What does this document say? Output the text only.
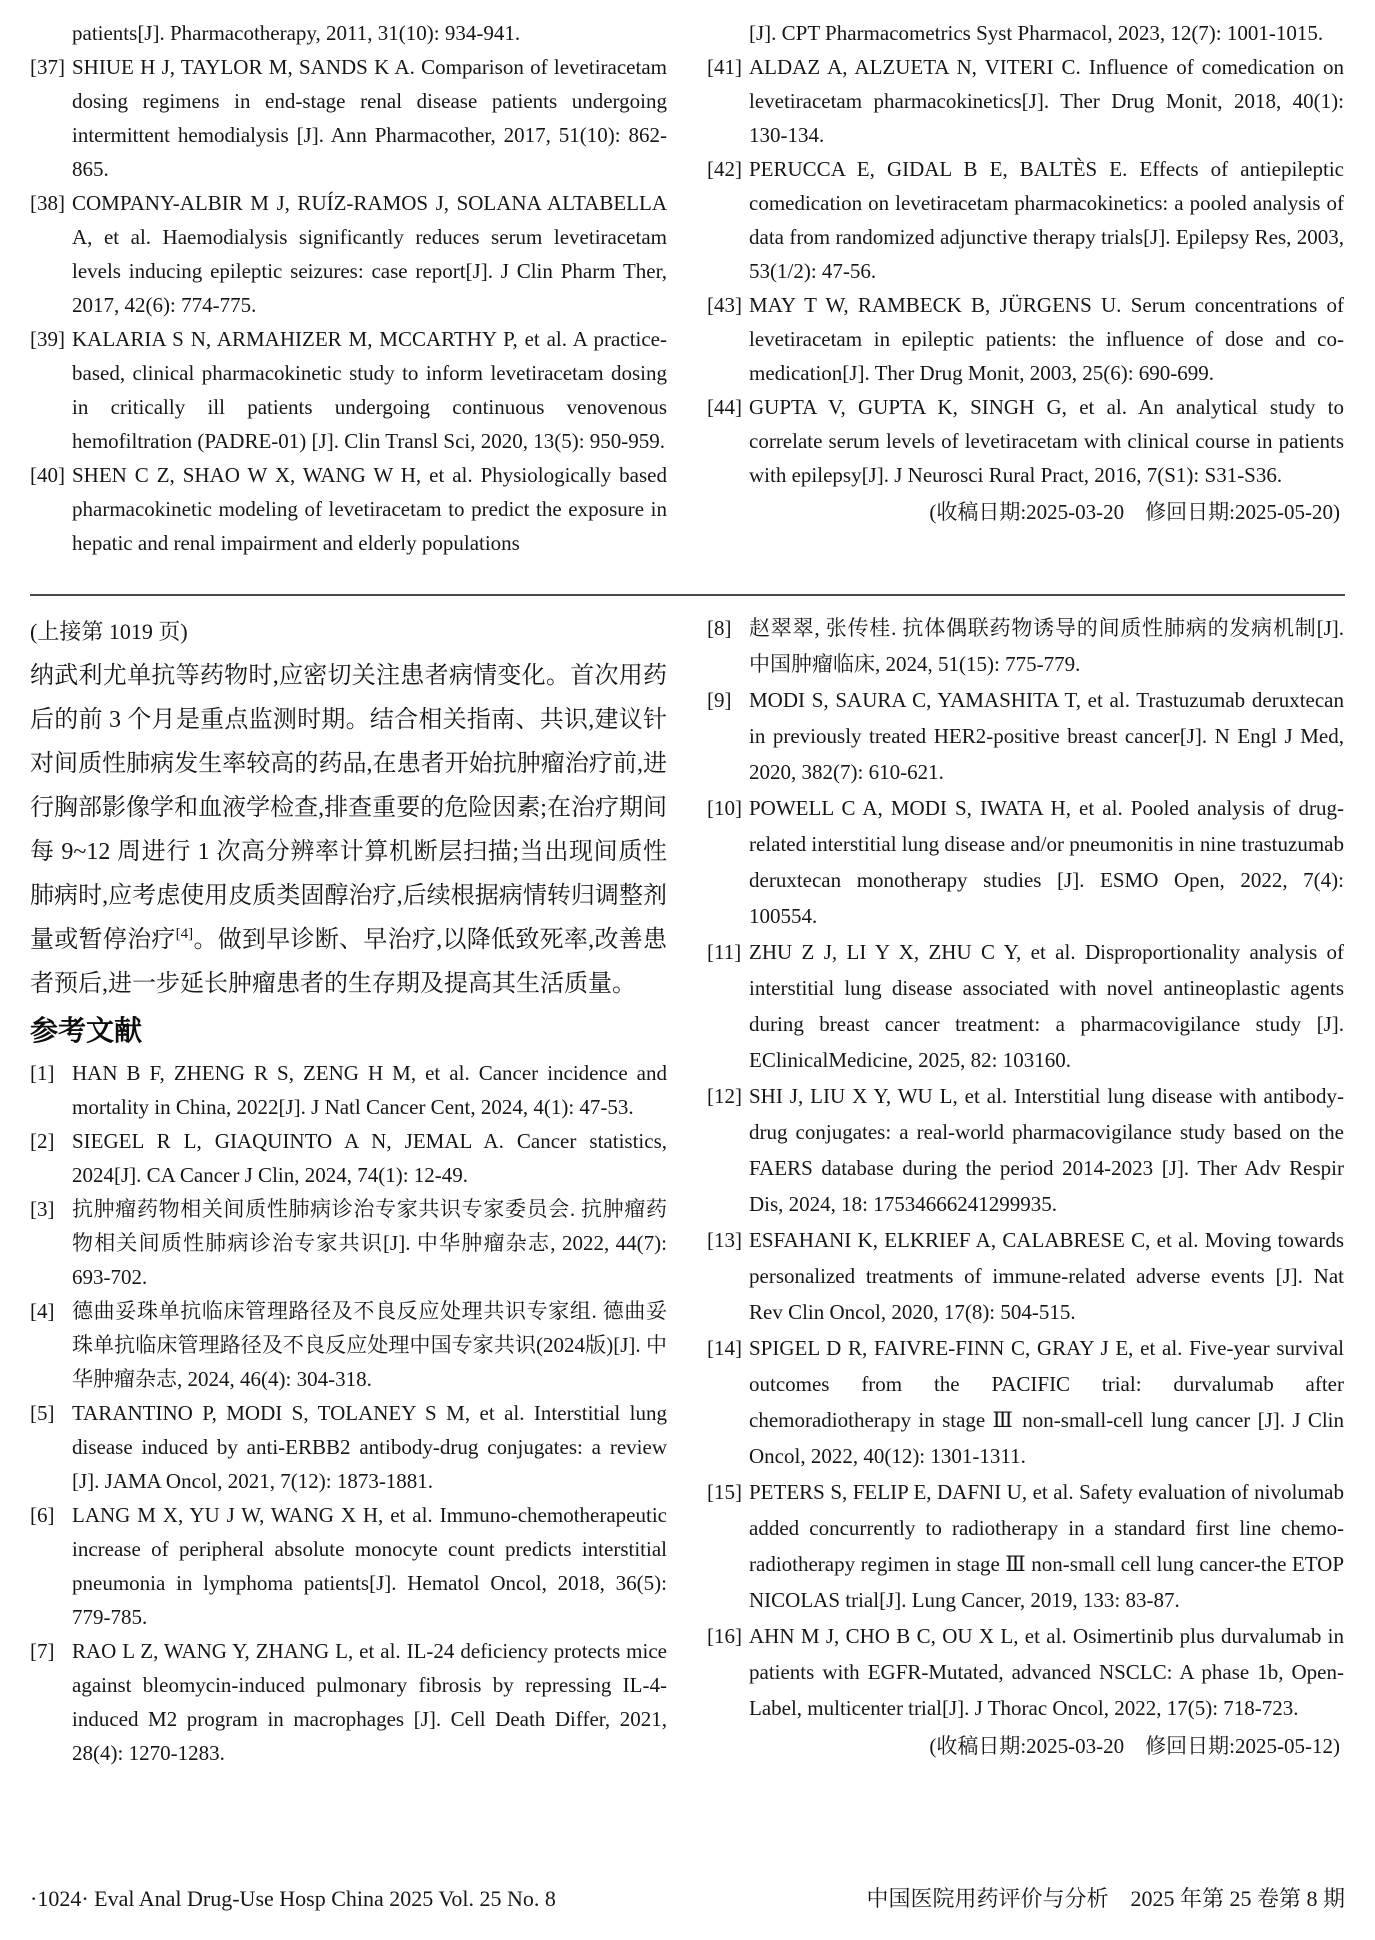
patients[J]. Pharmacotherapy, 2011, 31(10): 934-941.
[37] SHIUE H J, TAYLOR M, SANDS K A. Comparison of levetiracetam dosing regimens in end-stage renal disease patients undergoing intermittent hemodialysis [J]. Ann Pharmacother, 2017, 51(10): 862-865.
[38] COMPANY-ALBIR M J, RUÍZ-RAMOS J, SOLANA ALTABELLA A, et al. Haemodialysis significantly reduces serum levetiracetam levels inducing epileptic seizures: case report[J]. J Clin Pharm Ther, 2017, 42(6): 774-775.
[39] KALARIA S N, ARMAHIZER M, MCCARTHY P, et al. A practice-based, clinical pharmacokinetic study to inform levetiracetam dosing in critically ill patients undergoing continuous venovenous hemofiltration (PADRE-01) [J]. Clin Transl Sci, 2020, 13(5): 950-959.
[40] SHEN C Z, SHAO W X, WANG W H, et al. Physiologically based pharmacokinetic modeling of levetiracetam to predict the exposure in hepatic and renal impairment and elderly populations
[J]. CPT Pharmacometrics Syst Pharmacol, 2023, 12(7): 1001-1015.
[41] ALDAZ A, ALZUETA N, VITERI C. Influence of comedication on levetiracetam pharmacokinetics[J]. Ther Drug Monit, 2018, 40(1): 130-134.
[42] PERUCCA E, GIDAL B E, BALTÈS E. Effects of antiepileptic comedication on levetiracetam pharmacokinetics: a pooled analysis of data from randomized adjunctive therapy trials[J]. Epilepsy Res, 2003, 53(1/2): 47-56.
[43] MAY T W, RAMBECK B, JÜRGENS U. Serum concentrations of levetiracetam in epileptic patients: the influence of dose and co-medication[J]. Ther Drug Monit, 2003, 25(6): 690-699.
[44] GUPTA V, GUPTA K, SINGH G, et al. An analytical study to correlate serum levels of levetiracetam with clinical course in patients with epilepsy[J]. J Neurosci Rural Pract, 2016, 7(S1): S31-S36.
(收稿日期:2025-03-20　修回日期:2025-05-20)
(上接第 1019 页)

纳武利尤单抗等药物时,应密切关注患者病情变化。首次用药后的前 3 个月是重点监测时期。结合相关指南、共识,建议针对间质性肺病发生率较高的药品,在患者开始抗肿瘤治疗前,进行胸部影像学和血液学检查,排查重要的危险因素;在治疗期间每 9~12 周进行 1 次高分辨率计算机断层扫描;当出现间质性肺病时,应考虑使用皮质类固醇治疗,后续根据病情转归调整剂量或暂停治疗[4]。做到早诊断、早治疗,以降低致死率,改善患者预后,进一步延长肿瘤患者的生存期及提高其生活质量。

参考文献
[1] HAN B F, ZHENG R S, ZENG H M, et al. Cancer incidence and mortality in China, 2022[J]. J Natl Cancer Cent, 2024, 4(1): 47-53.
[2] SIEGEL R L, GIAQUINTO A N, JEMAL A. Cancer statistics, 2024[J]. CA Cancer J Clin, 2024, 74(1): 12-49.
[3] 抗肿瘤药物相关间质性肺病诊治专家共识专家委员会. 抗肿瘤药物相关间质性肺病诊治专家共识[J]. 中华肿瘤杂志, 2022, 44(7): 693-702.
[4] 德曲妥珠单抗临床管理路径及不良反应处理共识专家组. 德曲妥珠单抗临床管理路径及不良反应处理中国专家共识(2024版)[J]. 中华肿瘤杂志, 2024, 46(4): 304-318.
[5] TARANTINO P, MODI S, TOLANEY S M, et al. Interstitial lung disease induced by anti-ERBB2 antibody-drug conjugates: a review [J]. JAMA Oncol, 2021, 7(12): 1873-1881.
[6] LANG M X, YU J W, WANG X H, et al. Immuno-chemotherapeutic increase of peripheral absolute monocyte count predicts interstitial pneumonia in lymphoma patients[J]. Hematol Oncol, 2018, 36(5): 779-785.
[7] RAO L Z, WANG Y, ZHANG L, et al. IL-24 deficiency protects mice against bleomycin-induced pulmonary fibrosis by repressing IL-4-induced M2 program in macrophages [J]. Cell Death Differ, 2021, 28(4): 1270-1283.
[8] 赵翠翠, 张传桂. 抗体偶联药物诱导的间质性肺病的发病机制[J]. 中国肿瘤临床, 2024, 51(15): 775-779.
[9] MODI S, SAURA C, YAMASHITA T, et al. Trastuzumab deruxtecan in previously treated HER2-positive breast cancer[J]. N Engl J Med, 2020, 382(7): 610-621.
[10] POWELL C A, MODI S, IWATA H, et al. Pooled analysis of drug-related interstitial lung disease and/or pneumonitis in nine trastuzumab deruxtecan monotherapy studies [J]. ESMO Open, 2022, 7(4): 100554.
[11] ZHU Z J, LI Y X, ZHU C Y, et al. Disproportionality analysis of interstitial lung disease associated with novel antineoplastic agents during breast cancer treatment: a pharmacovigilance study [J]. EClinicalMedicine, 2025, 82: 103160.
[12] SHI J, LIU X Y, WU L, et al. Interstitial lung disease with antibody-drug conjugates: a real-world pharmacovigilance study based on the FAERS database during the period 2014-2023 [J]. Ther Adv Respir Dis, 2024, 18: 17534666241299935.
[13] ESFAHANI K, ELKRIEF A, CALABRESE C, et al. Moving towards personalized treatments of immune-related adverse events [J]. Nat Rev Clin Oncol, 2020, 17(8): 504-515.
[14] SPIGEL D R, FAIVRE-FINN C, GRAY J E, et al. Five-year survival outcomes from the PACIFIC trial: durvalumab after chemoradiotherapy in stage Ⅲ non-small-cell lung cancer [J]. J Clin Oncol, 2022, 40(12): 1301-1311.
[15] PETERS S, FELIP E, DAFNI U, et al. Safety evaluation of nivolumab added concurrently to radiotherapy in a standard first line chemo-radiotherapy regimen in stage Ⅲ non-small cell lung cancer-the ETOP NICOLAS trial[J]. Lung Cancer, 2019, 133: 83-87.
[16] AHN M J, CHO B C, OU X L, et al. Osimertinib plus durvalumab in patients with EGFR-Mutated, advanced NSCLC: A phase 1b, Open-Label, multicenter trial[J]. J Thorac Oncol, 2022, 17(5): 718-723.
(收稿日期:2025-03-20　修回日期:2025-05-12)
·1024· Eval Anal Drug-Use Hosp China 2025 Vol. 25 No. 8	中国医院用药评价与分析　2025 年第 25 卷第 8 期
